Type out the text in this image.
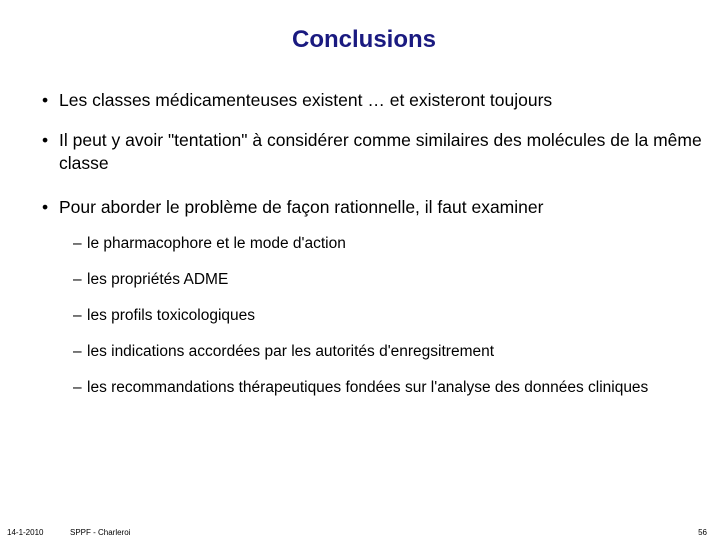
Conclusions
• Les classes médicamenteuses existent … et existeront toujours
• Il peut y avoir "tentation" à considérer comme similaires des molécules de la même classe
• Pour aborder le problème de façon rationnelle, il faut examiner
– le pharmacophore et le mode d'action
– les propriétés ADME
– les profils toxicologiques
– les indications accordées par les autorités d'enregsitrement
– les recommandations thérapeutiques fondées sur l'analyse des données cliniques
14-1-2010	SPPF - Charleroi	56
